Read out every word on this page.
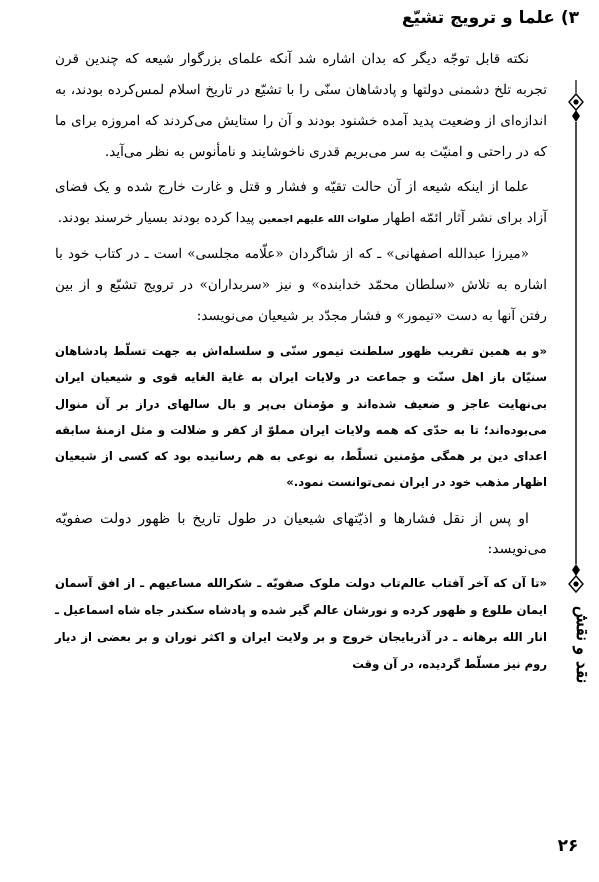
۳) علما و ترویج تشیّع

نکته قابل توجّه دیگر که بدان اشاره شد آنکه علمای بزرگوار شیعه که چندین قرن تجربه تلخ دشمنی دولتها و پادشاهان سنّی را با تشیّع در تاریخ اسلام لمس‌کرده بودند، به اندازه‌ای از وضعیت پدید آمده خشنود بودند و آن را ستایش می‌کردند که امروزه برای ما که در راحتی و امنیّت به سر می‌بریم قدری ناخوشایند و نامأنوس به نظر می‌آید.

علما از اینکه شیعه از آن حالت تقیّه و فشار و قتل و غارت خارج شده و یک فضای آزاد برای نشر آثار ائمّه اطهار صلوات الله علیهم اجمعین پیدا کرده بودند بسیار خرسند بودند.

«میرزا عبدالله اصفهانی» ـ که از شاگردان «علّامه مجلسی» است ـ در کتاب خود با اشاره به تلاش «سلطان محمّد خدابنده» و نیز «سربداران» در ترویج تشیّع و از بین رفتن آنها به دست «تیمور» و فشار مجدّد بر شیعیان می‌نویسد:

«و به همین تقریب ظهور سلطنت تیمور سنّی و سلسله‌اش به جهت تسلّط پادشاهان سنیّان باز اهل سنّت و جماعت در ولایات ایران به غایة الغایه قوی و شیعیان ایران بی‌نهایت عاجز و ضعیف شده‌اند و مؤمنان بی‌پر و بال سالهای دراز بر آن منوال می‌بوده‌اند؛ تا به حدّی که همه ولایات ایران مملوّ از کفر و ضلالت و مثل ازمنهٔ سابقه اعدای دین بر همگی مؤمنین تسلّط، به نوعی به هم رسانیده بود که کسی از شیعیان اظهار مذهب خود در ایران نمی‌توانست نمود.»

او پس از نقل فشارها و اذیّتهای شیعیان در طول تاریخ با ظهور دولت صفویّه می‌نویسد:

«تا آن که آخر آفتاب عالم‌تاب دولت ملوک صفویّه ـ شکرالله مساعیهم ـ از افق آسمان ایمان طلوع و ظهور کرده و نورشان عالم گیر شده و پادشاه سکندر جاه شاه اسماعیل ـ انار الله برهانه ـ در آذربایجان خروج و بر ولایت ایران و اکثر توران و بر بعضی از دیار روم نیز مسلّط گردیده، در آن وقت	نقد و نقش
۲۶
